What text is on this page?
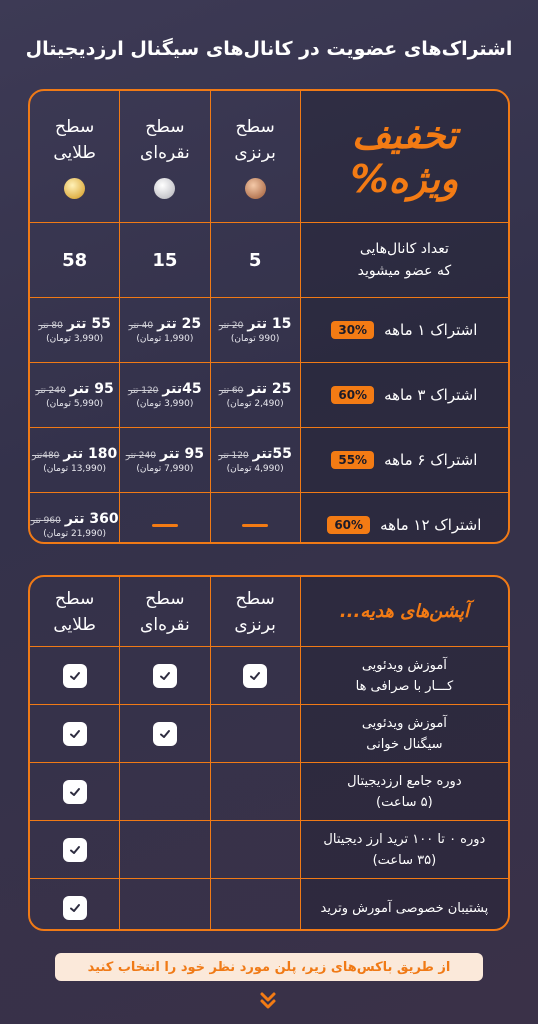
اشتراک‌های عضویت در کانال‌های سیگنال ارزدیجیتال
تخفیف
ویژه%
سطح
برنزی
سطح
نقره‌ای
سطح
طلایی
تعداد کانال‌هایی
که عضو میشوید
5
15
58
اشتراک ۱ ماهه
30%
15 تتر
20 تتر
(990 تومان)
25 تتر
40 تتر
(1,990 تومان)
55 تتر
80 تتر
(3,990 تومان)
اشتراک ۳ ماهه
60%
25 تتر
60 تتر
(2,490 تومان)
45تتر
120 تتر
(3,990 تومان)
95 تتر
240 تتر
(5,990 تومان)
اشتراک ۶ ماهه
55%
55تتر
120 تتر
(4,990 تومان)
95 تتر
240 تتر
(7,990 تومان)
180 تتر
480تتر
(13,990 تومان)
اشتراک ۱۲ ماهه
60%
360 تتر
960 تتر
(21,990 تومان)
آپشن‌های هدیه...
سطح
برنزی
سطح
نقره‌ای
سطح
طلایی
آموزش ویدئویی
کـــار با صرافی ها
آموزش ویدئویی
سیگنال خوانی
دوره جامع ارزدیجیتال
(۵ ساعت)
دوره ۰ تا ۱۰۰ ترید ارز دیجیتال
(۳۵ ساعت)
پشتیبان خصوصی آمورش وترید
از طریق باکس‌های زیر، پلن مورد نظر خود را انتخاب کنید
